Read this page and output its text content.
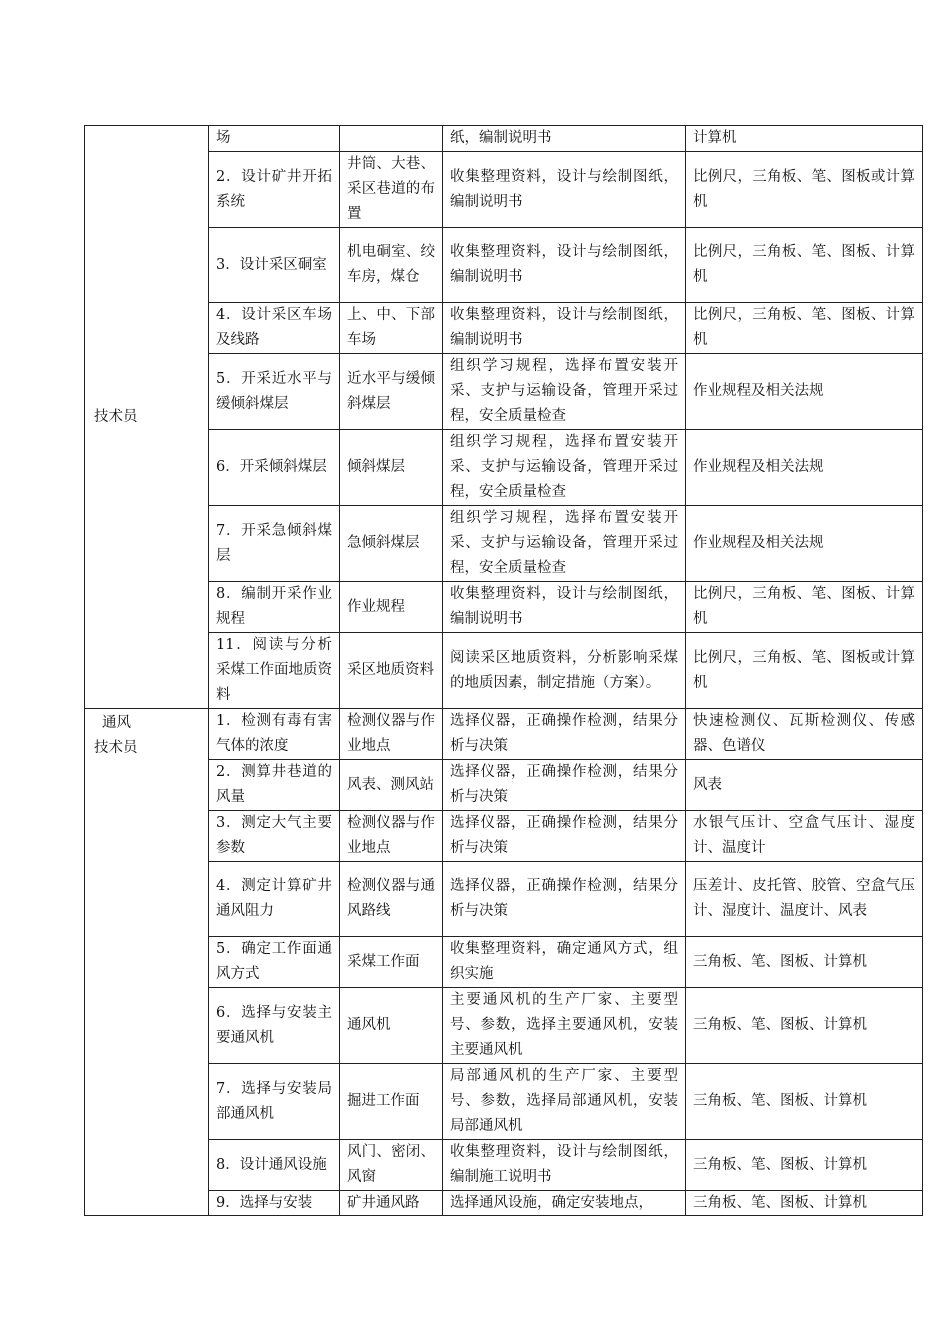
技术员	场		纸，编制说明书	计算机
	2．设计矿井开拓系统	井筒、大巷、采区巷道的布置	收集整理资料，设计与绘制图纸，编制说明书	比例尺，三角板、笔、图板或计算机
	3．设计采区硐室	机电硐室、绞车房，煤仓	收集整理资料，设计与绘制图纸，编制说明书	比例尺，三角板、笔、图板、计算机
	4．设计采区车场及线路	上、中、下部车场	收集整理资料，设计与绘制图纸，编制说明书	比例尺，三角板、笔、图板、计算机
	5．开采近水平与缓倾斜煤层	近水平与缓倾斜煤层	组织学习规程，选择布置安装开采、支护与运输设备，管理开采过程，安全质量检查	作业规程及相关法规
	6．开采倾斜煤层	倾斜煤层	组织学习规程，选择布置安装开采、支护与运输设备，管理开采过程，安全质量检查	作业规程及相关法规
	7．开采急倾斜煤层	急倾斜煤层	组织学习规程，选择布置安装开采、支护与运输设备，管理开采过程，安全质量检查	作业规程及相关法规
	8．编制开采作业规程	作业规程	收集整理资料，设计与绘制图纸，编制说明书	比例尺，三角板、笔、图板、计算机
	11．阅读与分析采煤工作面地质资料	采区地质资料	阅读采区地质资料，分析影响采煤的地质因素，制定措施（方案）。	比例尺，三角板、笔、图板或计算机

通风
技术员	1．检测有毒有害气体的浓度	检测仪器与作业地点	选择仪器，正确操作检测，结果分析与决策	快速检测仪、瓦斯检测仪、传感器、色谱仪
	2．测算井巷道的风量	风表、测风站	选择仪器，正确操作检测，结果分析与决策	风表
	3．测定大气主要参数	检测仪器与作业地点	选择仪器，正确操作检测，结果分析与决策	水银气压计、空盒气压计、湿度计、温度计
	4．测定计算矿井通风阻力	检测仪器与通风路线	选择仪器，正确操作检测，结果分析与决策	压差计、皮托管、胶管、空盒气压计、湿度计、温度计、风表
	5．确定工作面通风方式	采煤工作面	收集整理资料，确定通风方式，组织实施	三角板、笔、图板、计算机
	6．选择与安装主要通风机	通风机	主要通风机的生产厂家、主要型号、参数，选择主要通风机，安装主要通风机	三角板、笔、图板、计算机
	7．选择与安装局部通风机	掘进工作面	局部通风机的生产厂家、主要型号、参数，选择局部通风机，安装局部通风机	三角板、笔、图板、计算机
	8．设计通风设施	风门、密闭、风窗	收集整理资料，设计与绘制图纸，编制施工说明书	三角板、笔、图板、计算机
	9．选择与安装	矿井通风路	选择通风设施，确定安装地点，	三角板、笔、图板、计算机
